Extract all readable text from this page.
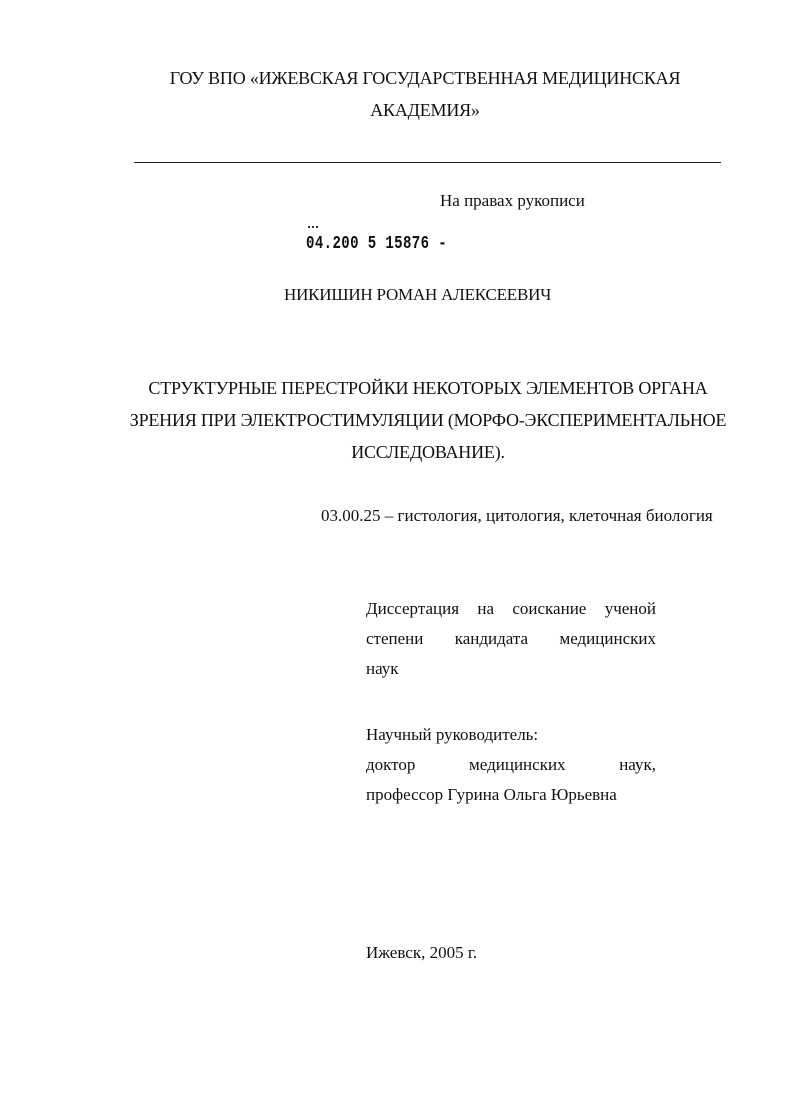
ГОУ ВПО «ИЖЕВСКАЯ ГОСУДАРСТВЕННАЯ МЕДИЦИНСКАЯ
АКАДЕМИЯ»
На правах рукописи
04.200 5 15876 -
НИКИШИН РОМАН АЛЕКСЕЕВИЧ
СТРУКТУРНЫЕ ПЕРЕСТРОЙКИ НЕКОТОРЫХ ЭЛЕМЕНТОВ ОРГАНА
ЗРЕНИЯ ПРИ ЭЛЕКТРОСТИМУЛЯЦИИ (МОРФО-ЭКСПЕРИМЕНТАЛЬНОЕ
ИССЛЕДОВАНИЕ).
03.00.25 – гистология, цитология, клеточная биология
Диссертация на соискание ученой
степени кандидата медицинских
наук
Научный руководитель:
доктор	медицинских	наук,
профессор Гурина Ольга Юрьевна
Ижевск, 2005 г.
